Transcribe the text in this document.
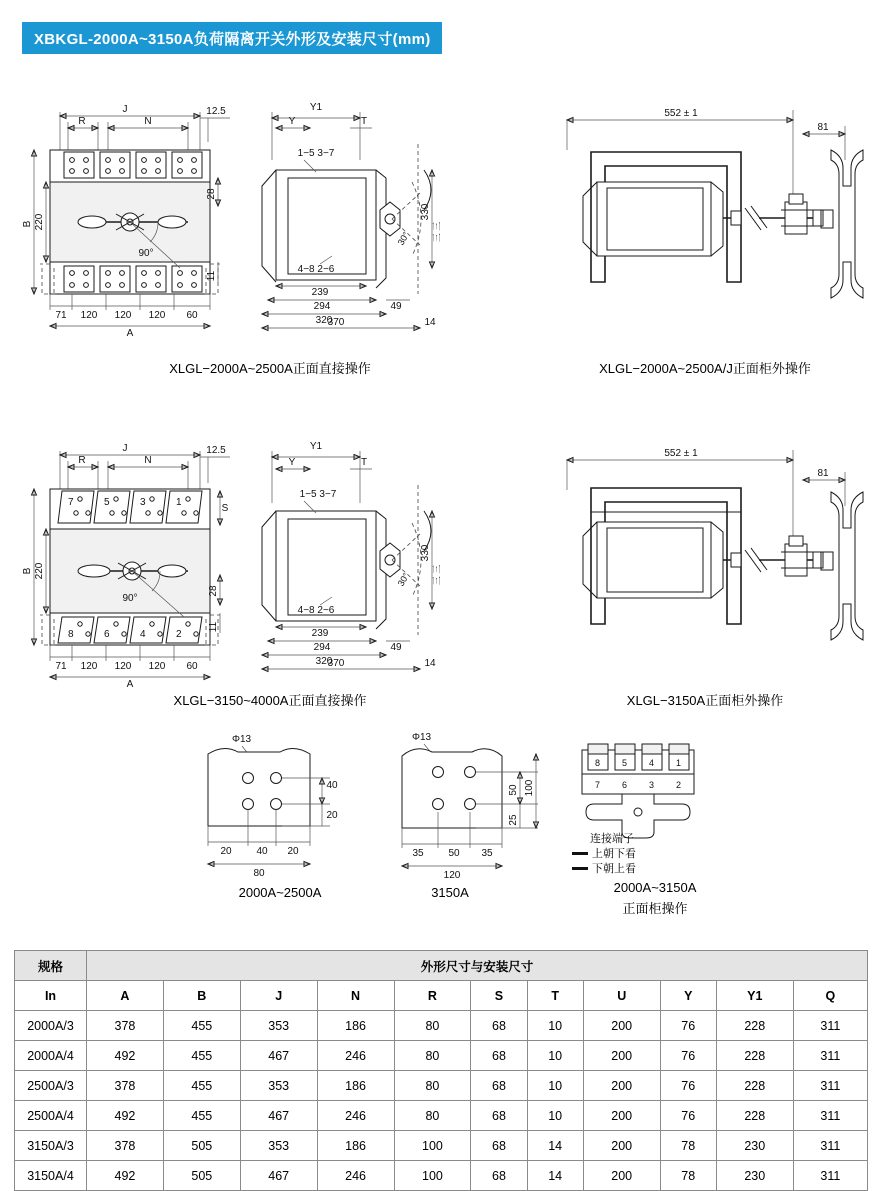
XBKGL-2000A~3150A负荷隔离开关外形及安装尺寸(mm)
J
R	N
12.5
90°
B 220
28
11
71 120 120 120 60
A
Y1
Y	T
1−5 3−7
4−8 2−6
30°
330
三 三
239
294
320
370
49
14
XLGL−2000A~2500A正面直接操作
552 ± 1
81
XLGL−2000A~2500A/J正面柜外操作
J
R	N
12.5
7	5	3	1
8	6	4	2
90°
B 220
S
28
11
71 120 120 120 60
A
Y1
Y	T
1−5 3−7
4−8 2−6
30°
330
三 三
239
294
320
370
49
14
XLGL−3150~4000A正面直接操作
552 ± 1
81
XLGL−3150A正面柜外操作
Φ13
40
20
20 40 20
80
2000A~2500A
Φ13
50
25
100
35 50 35
120
3150A
8 5 4 1
7 6 3 2
连接端子
上朝下看
下朝上看
2000A~3150A
正面柜操作
规格	外形尺寸与安装尺寸										
In	A	B	J	N	R	S	T	U	Y	Y1	Q
2000A/3	378	455	353	186	80	68	10	200	76	228	311
2000A/4	492	455	467	246	80	68	10	200	76	228	311
2500A/3	378	455	353	186	80	68	10	200	76	228	311
2500A/4	492	455	467	246	80	68	10	200	76	228	311
3150A/3	378	505	353	186	100	68	14	200	78	230	311
3150A/4	492	505	467	246	100	68	14	200	78	230	311
